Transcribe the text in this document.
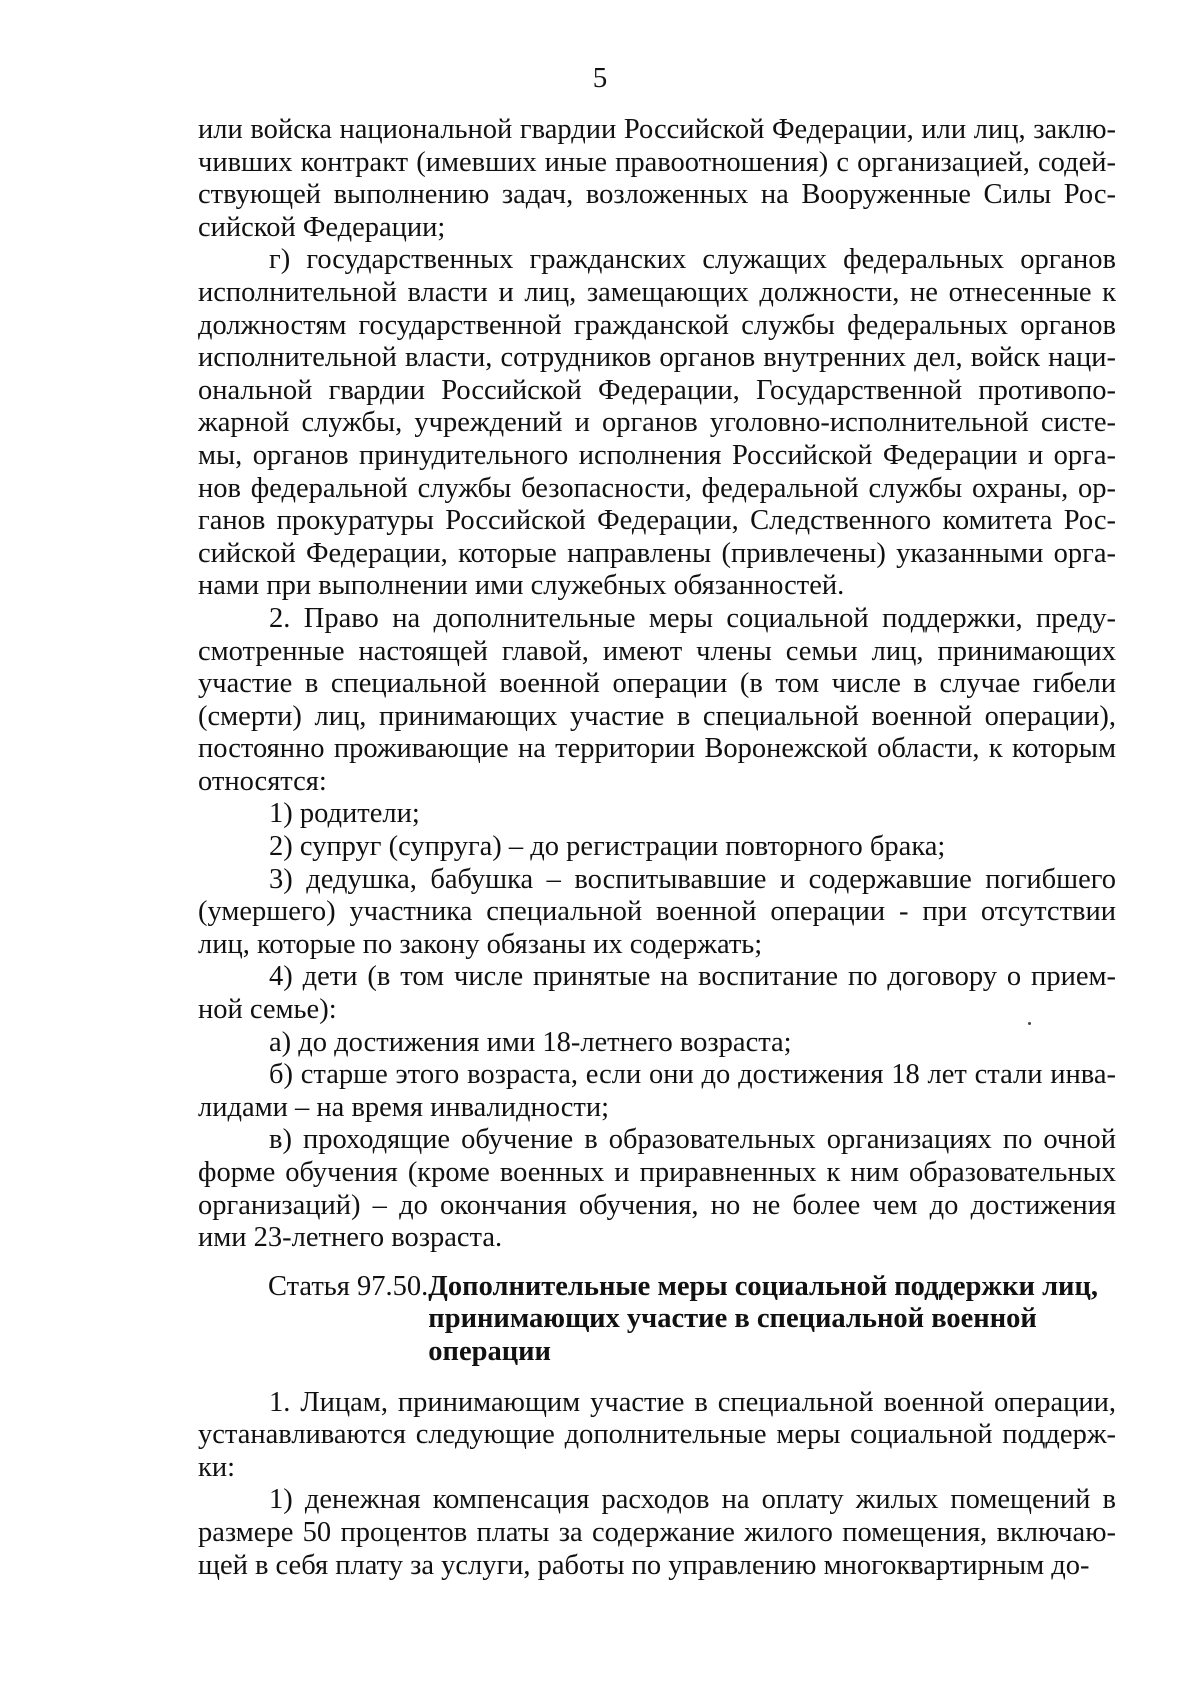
5

или войска национальной гвардии Российской Федерации, или лиц, заклю-чивших контракт (имевших иные правоотношения) с организацией, содей-ствующей выполнению задач, возложенных на Вооруженные Силы Рос-сийской Федерации;

г) государственных гражданских служащих федеральных органов исполнительной власти и лиц, замещающих должности, не отнесенные к должностям государственной гражданской службы федеральных органов исполнительной власти, сотрудников органов внутренних дел, войск наци-ональной гвардии Российской Федерации, Государственной противопо-жарной службы, учреждений и органов уголовно-исполнительной систе-мы, органов принудительного исполнения Российской Федерации и орга-нов федеральной службы безопасности, федеральной службы охраны, ор-ганов прокуратуры Российской Федерации, Следственного комитета Рос-сийской Федерации, которые направлены (привлечены) указанными орга-нами при выполнении ими служебных обязанностей.

2. Право на дополнительные меры социальной поддержки, преду-смотренные настоящей главой, имеют члены семьи лиц, принимающих участие в специальной военной операции (в том числе в случае гибели (смерти) лиц, принимающих участие в специальной военной операции), постоянно проживающие на территории Воронежской области, к которым относятся:

1) родители;

2) супруг (супруга) – до регистрации повторного брака;

3) дедушка, бабушка – воспитывавшие и содержавшие погибшего (умершего) участника специальной военной операции - при отсутствии лиц, которые по закону обязаны их содержать;

4) дети (в том числе принятые на воспитание по договору о прием-ной семье):

а) до достижения ими 18-летнего возраста;

б) старше этого возраста, если они до достижения 18 лет стали инва-лидами – на время инвалидности;

в) проходящие обучение в образовательных организациях по очной форме обучения (кроме военных и приравненных к ним образовательных организаций) – до окончания обучения, но не более чем до достижения ими 23-летнего возраста.

Статья 97.50. Дополнительные меры социальной поддержки лиц, принимающих участие в специальной военной операции

1. Лицам, принимающим участие в специальной военной операции, устанавливаются следующие дополнительные меры социальной поддерж-ки:

1) денежная компенсация расходов на оплату жилых помещений в размере 50 процентов платы за содержание жилого помещения, включаю-щей в себя плату за услуги, работы по управлению многоквартирным до-
